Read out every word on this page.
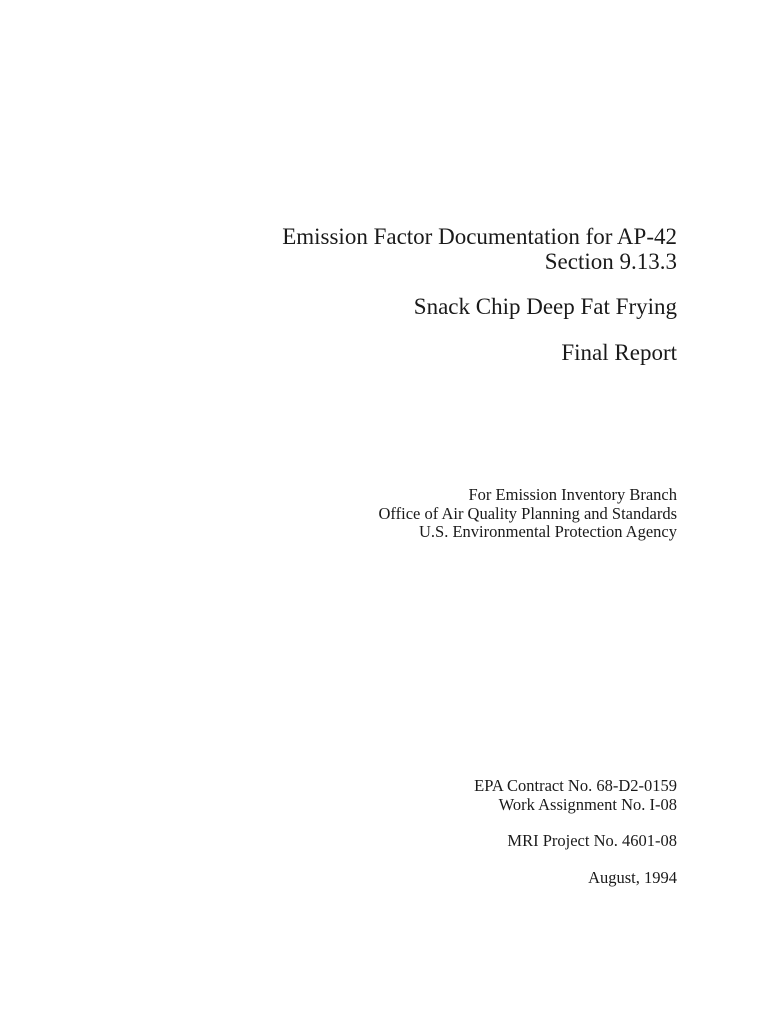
Emission Factor Documentation for AP-42
Section 9.13.3
Snack Chip Deep Fat Frying
Final Report
For Emission Inventory Branch
Office of Air Quality Planning and Standards
U.S. Environmental Protection Agency
EPA Contract No. 68-D2-0159
Work Assignment No. I-08
MRI Project No. 4601-08
August, 1994
